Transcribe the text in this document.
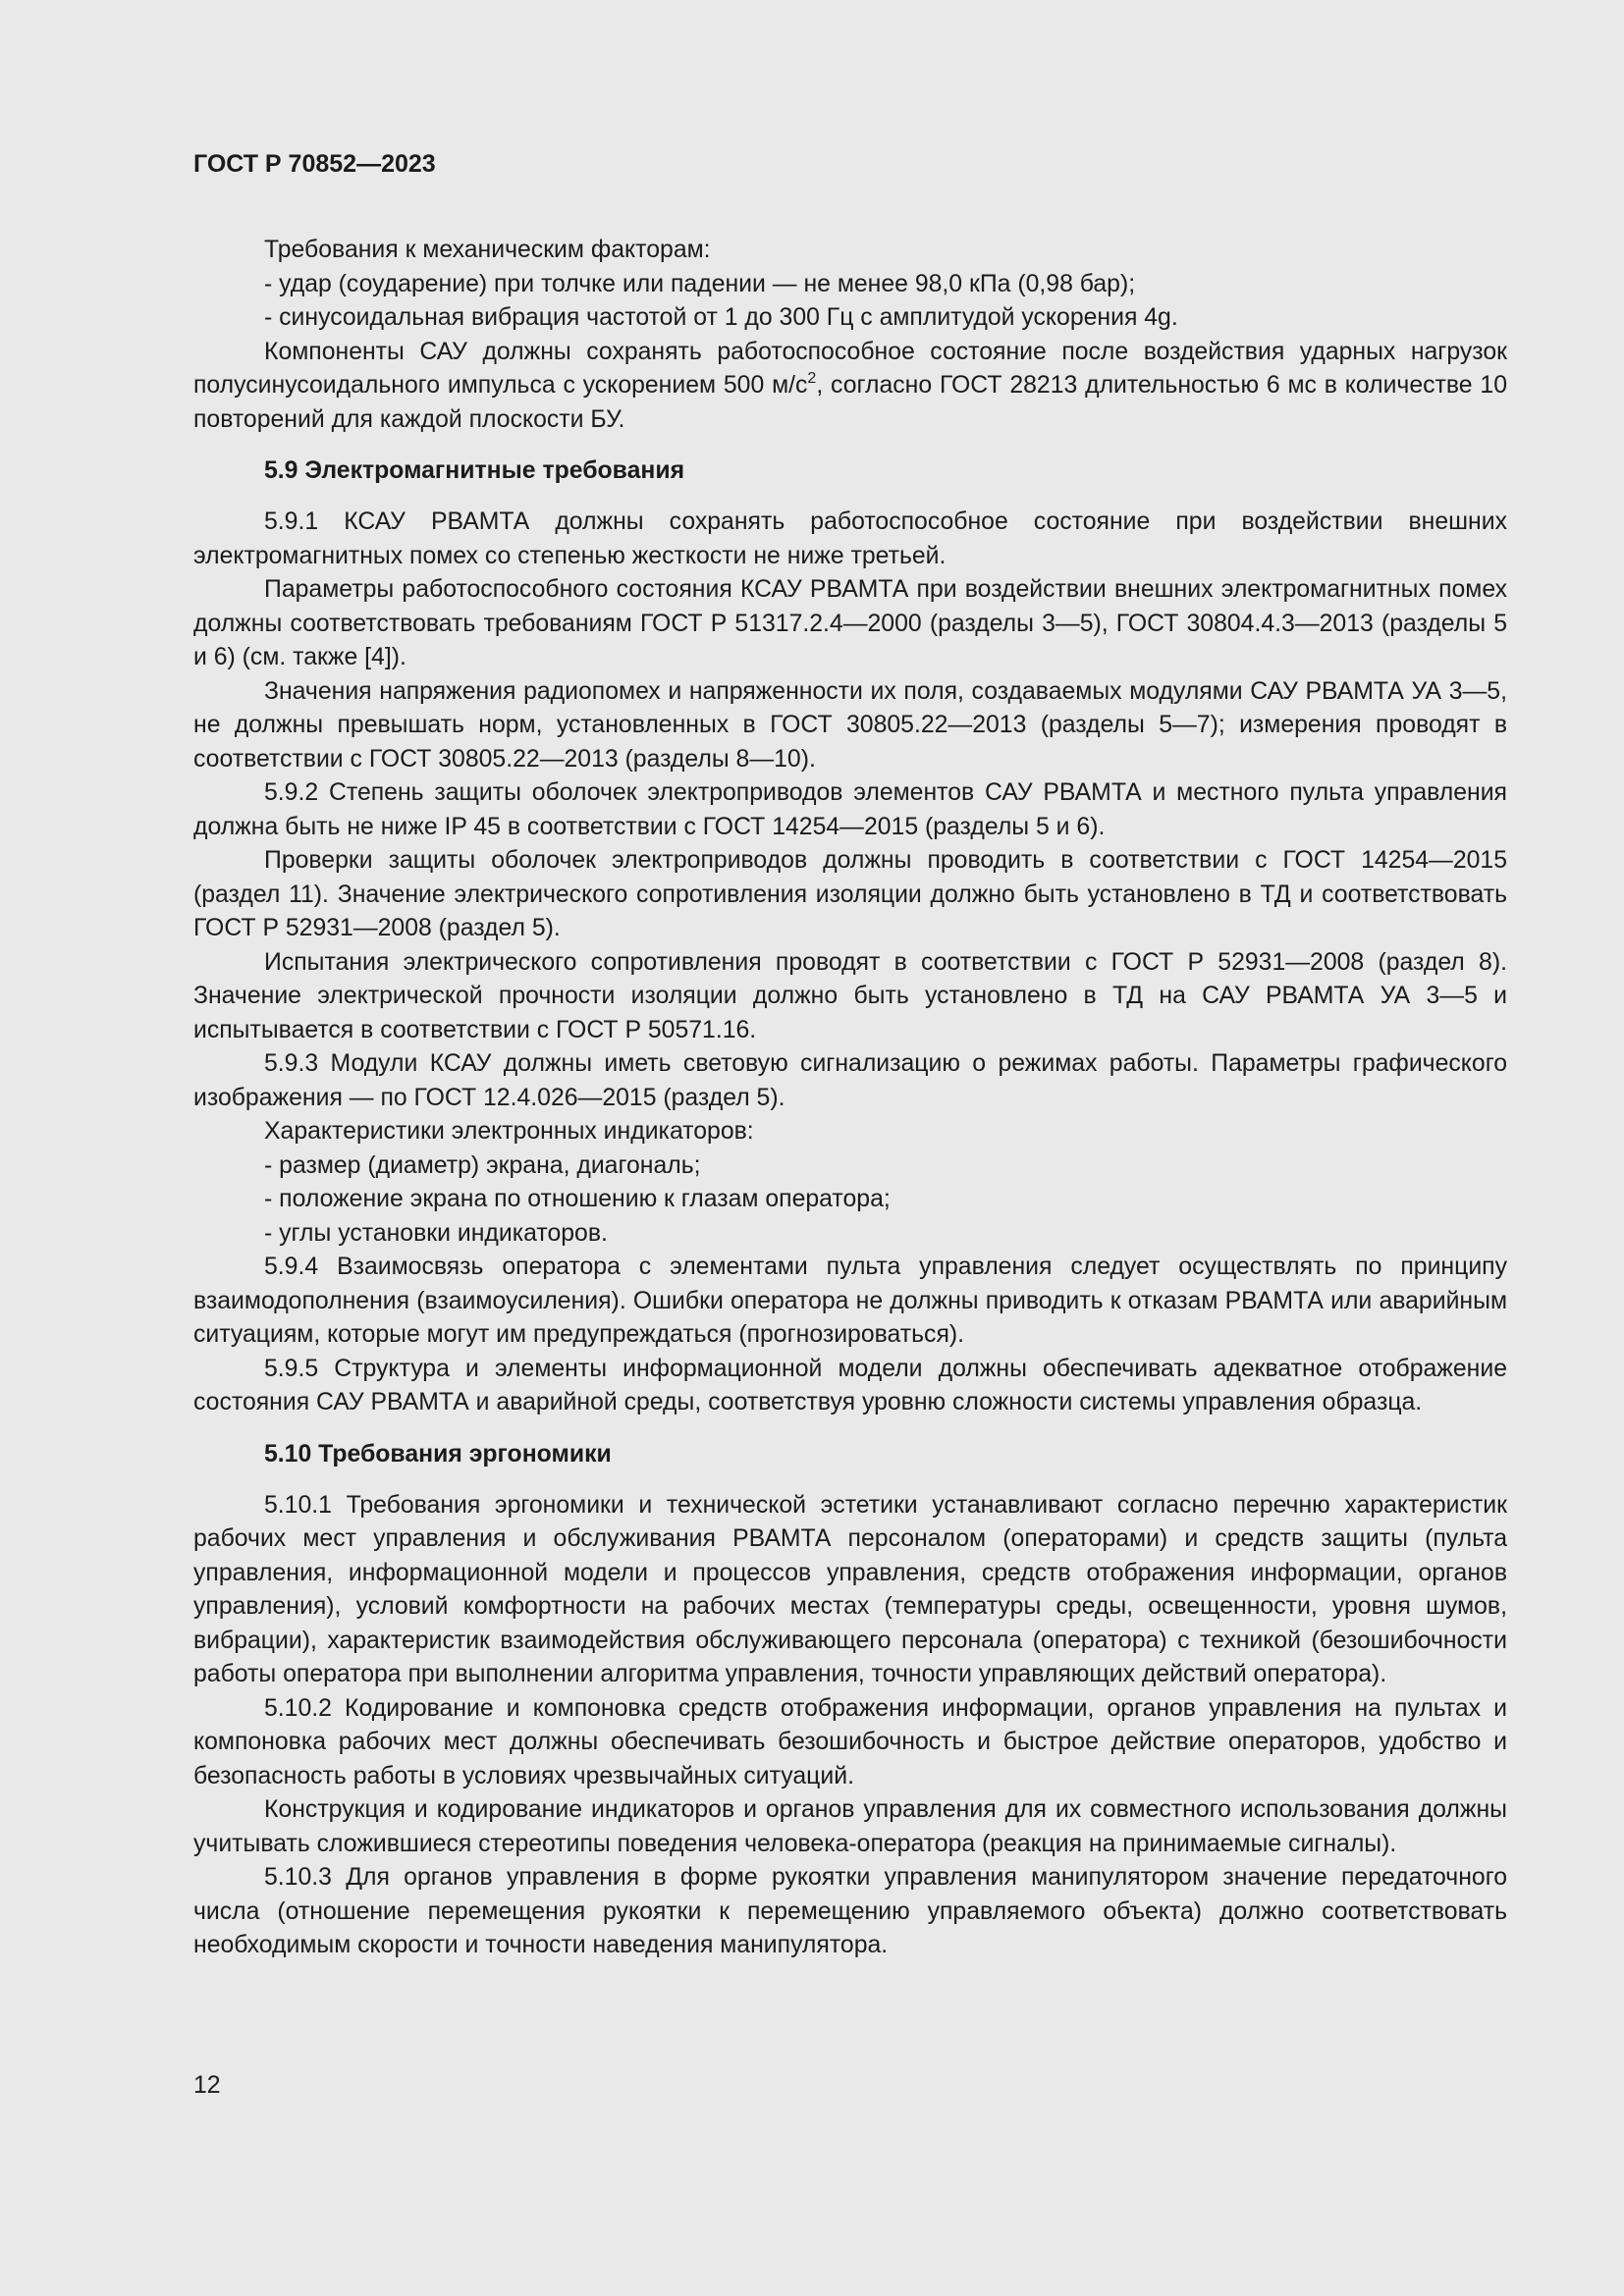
ГОСТ Р 70852—2023

Требования к механическим факторам:

- удар (соударение) при толчке или падении — не менее 98,0 кПа (0,98 бар);

- синусоидальная вибрация частотой от 1 до 300 Гц с амплитудой ускорения 4g.

Компоненты САУ должны сохранять работоспособное состояние после воздействия ударных нагрузок полусинусоидального импульса с ускорением 500 $м/с^2$, согласно ГОСТ 28213 длительностью 6 мс в количестве 10 повторений для каждой плоскости БУ.

5.9 Электромагнитные требования

5.9.1 КСАУ РВАМТА должны сохранять работоспособное состояние при воздействии внешних электромагнитных помех со степенью жесткости не ниже третьей.

Параметры работоспособного состояния КСАУ РВАМТА при воздействии внешних электромагнитных помех должны соответствовать требованиям ГОСТ Р 51317.2.4—2000 (разделы 3—5), ГОСТ 30804.4.3—2013 (разделы 5 и 6) (см. также [4]).

Значения напряжения радиопомех и напряженности их поля, создаваемых модулями САУ РВАМТА УА 3—5, не должны превышать норм, установленных в ГОСТ 30805.22—2013 (разделы 5—7); измерения проводят в соответствии с ГОСТ 30805.22—2013 (разделы 8—10).

5.9.2 Степень защиты оболочек электроприводов элементов САУ РВАМТА и местного пульта управления должна быть не ниже IP 45 в соответствии с ГОСТ 14254—2015 (разделы 5 и 6).

Проверки защиты оболочек электроприводов должны проводить в соответствии с ГОСТ 14254—2015 (раздел 11). Значение электрического сопротивления изоляции должно быть установлено в ТД и соответствовать ГОСТ Р 52931—2008 (раздел 5).

Испытания электрического сопротивления проводят в соответствии с ГОСТ Р 52931—2008 (раздел 8). Значение электрической прочности изоляции должно быть установлено в ТД на САУ РВАМТА УА 3—5 и испытывается в соответствии с ГОСТ Р 50571.16.

5.9.3 Модули КСАУ должны иметь световую сигнализацию о режимах работы. Параметры графического изображения — по ГОСТ 12.4.026—2015 (раздел 5).

Характеристики электронных индикаторов:

- размер (диаметр) экрана, диагональ;

- положение экрана по отношению к глазам оператора;

- углы установки индикаторов.

5.9.4 Взаимосвязь оператора с элементами пульта управления следует осуществлять по принципу взаимодополнения (взаимоусиления). Ошибки оператора не должны приводить к отказам РВАМТА или аварийным ситуациям, которые могут им предупреждаться (прогнозироваться).

5.9.5 Структура и элементы информационной модели должны обеспечивать адекватное отображение состояния САУ РВАМТА и аварийной среды, соответствуя уровню сложности системы управления образца.

5.10 Требования эргономики

5.10.1 Требования эргономики и технической эстетики устанавливают согласно перечню характеристик рабочих мест управления и обслуживания РВАМТА персоналом (операторами) и средств защиты (пульта управления, информационной модели и процессов управления, средств отображения информации, органов управления), условий комфортности на рабочих местах (температуры среды, освещенности, уровня шумов, вибрации), характеристик взаимодействия обслуживающего персонала (оператора) с техникой (безошибочности работы оператора при выполнении алгоритма управления, точности управляющих действий оператора).

5.10.2 Кодирование и компоновка средств отображения информации, органов управления на пультах и компоновка рабочих мест должны обеспечивать безошибочность и быстрое действие операторов, удобство и безопасность работы в условиях чрезвычайных ситуаций.

Конструкция и кодирование индикаторов и органов управления для их совместного использования должны учитывать сложившиеся стереотипы поведения человека-оператора (реакция на принимаемые сигналы).

5.10.3 Для органов управления в форме рукоятки управления манипулятором значение передаточного числа (отношение перемещения рукоятки к перемещению управляемого объекта) должно соответствовать необходимым скорости и точности наведения манипулятора.

12
